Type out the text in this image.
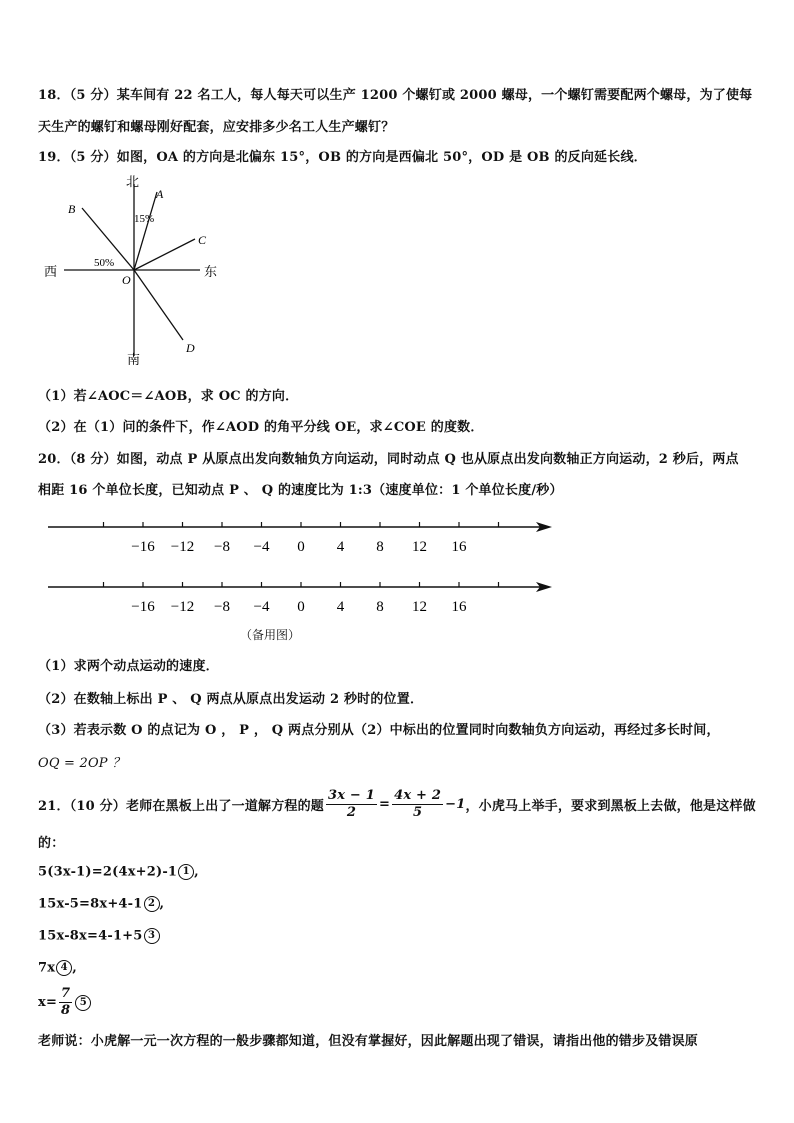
18．（5 分）某车间有 22 名工人，每人每天可以生产 1200 个螺钉或 2000 螺母，一个螺钉需要配两个螺母，为了使每
天生产的螺钉和螺母刚好配套，应安排多少名工人生产螺钉？
19．（5 分）如图，OA 的方向是北偏东 15°，OB 的方向是西偏北 50°，OD 是 OB 的反向延长线．
北
南
西	东
A
B
C
D
O
15%
50%
（1）若∠AOC＝∠AOB，求 OC 的方向．
（2）在（1）问的条件下，作∠AOD 的角平分线 OE，求∠COE 的度数．
20．（8 分）如图，动点 P 从原点出发向数轴负方向运动，同时动点 Q 也从原点出发向数轴正方向运动，2 秒后，两点
相距 16 个单位长度，已知动点 P 、 Q 的速度比为 1:3（速度单位：1 个单位长度/秒）
−16 −12 −8 −4 0 4 8 12 16
−16 −12 −8 −4 0 4 8 12 16
（备用图）
（1）求两个动点运动的速度．
（2）在数轴上标出 P 、 Q 两点从原点出发运动 2 秒时的位置．
（3）若表示数 O 的点记为 O ， P ， Q 两点分别从（2）中标出的位置同时向数轴负方向运动，再经过多长时间，
OQ = 2OP ？
21．（10 分）老师在黑板上出了一道解方程的题 $\frac{3x - 1}{2} = \frac{4x + 2}{5} -1$ ，小虎马上举手，要求到黑板上去做，他是这样做
的：
5(3x-1)=2(4x+2)-1 1 ,
15x-5=8x+4-1 2 ,
15x-8x=4-1+5 3
7x 4 ,
$x= \frac{7}{8} 5$
老师说：小虎解一元一次方程的一般步骤都知道，但没有掌握好，因此解题出现了错误，请指出他的错步及错误原
